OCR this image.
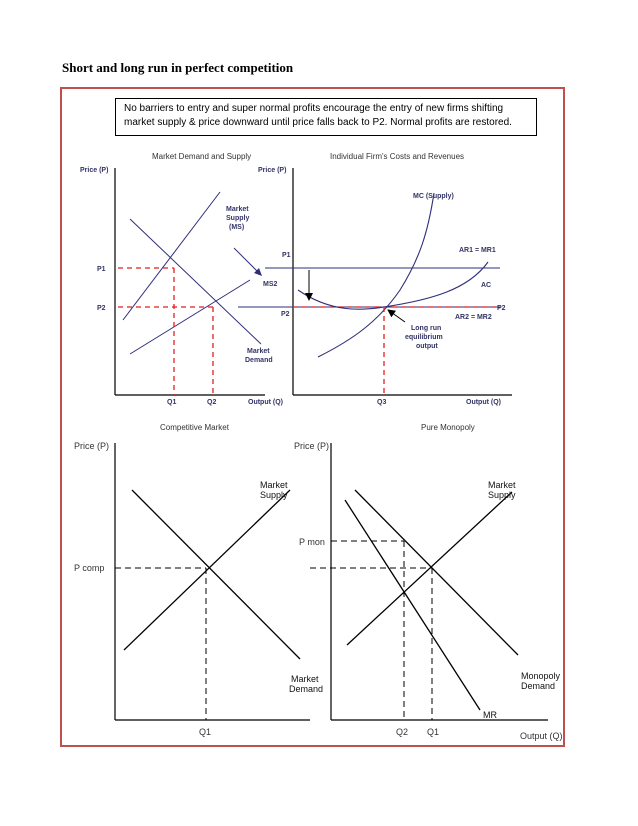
Short and long run in perfect competition
No barriers to entry and super normal profits encourage the entry of new firms shifting
market supply & price downward until price falls back to P2. Normal profits are restored.
Market Demand and Supply
Price (P)
P1
P2
Q1	Q2	Output (Q)
Market
Supply
(MS)
MS2
Market
Demand
Individual Firm's Costs and Revenues
Price (P)
P1
P2
P2
Q3	Output (Q)
MC (Supply)
AR1 = MR1
AC
AR2 = MR2
Long run
equilibrium
output
Competitive Market
Price (P)
P comp
Q1
Market
Supply
Market
Demand
Pure Monopoly
Price (P)
P mon
Q2 Q1	Output (Q)
Market
Supply
Monopoly
Demand
MR
